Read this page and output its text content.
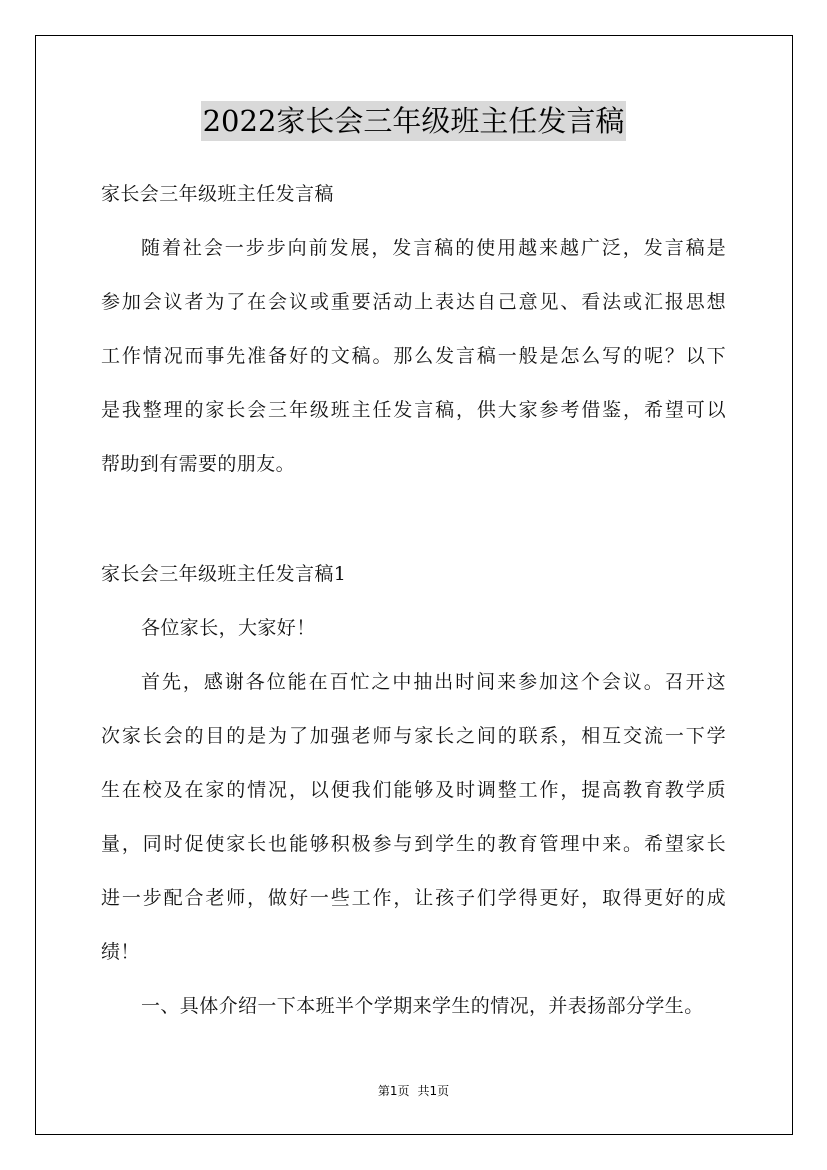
2022家长会三年级班主任发言稿
家长会三年级班主任发言稿
随着社会一步步向前发展，发言稿的使用越来越广泛，发言稿是
参加会议者为了在会议或重要活动上表达自己意见、看法或汇报思想
工作情况而事先准备好的文稿。那么发言稿一般是怎么写的呢？以下
是我整理的家长会三年级班主任发言稿，供大家参考借鉴，希望可以
帮助到有需要的朋友。
家长会三年级班主任发言稿1
各位家长，大家好！
首先，感谢各位能在百忙之中抽出时间来参加这个会议。召开这
次家长会的目的是为了加强老师与家长之间的联系，相互交流一下学
生在校及在家的情况，以便我们能够及时调整工作，提高教育教学质
量，同时促使家长也能够积极参与到学生的教育管理中来。希望家长
进一步配合老师，做好一些工作，让孩子们学得更好，取得更好的成
绩！
一、具体介绍一下本班半个学期来学生的情况，并表扬部分学生。
第1页 共1页
